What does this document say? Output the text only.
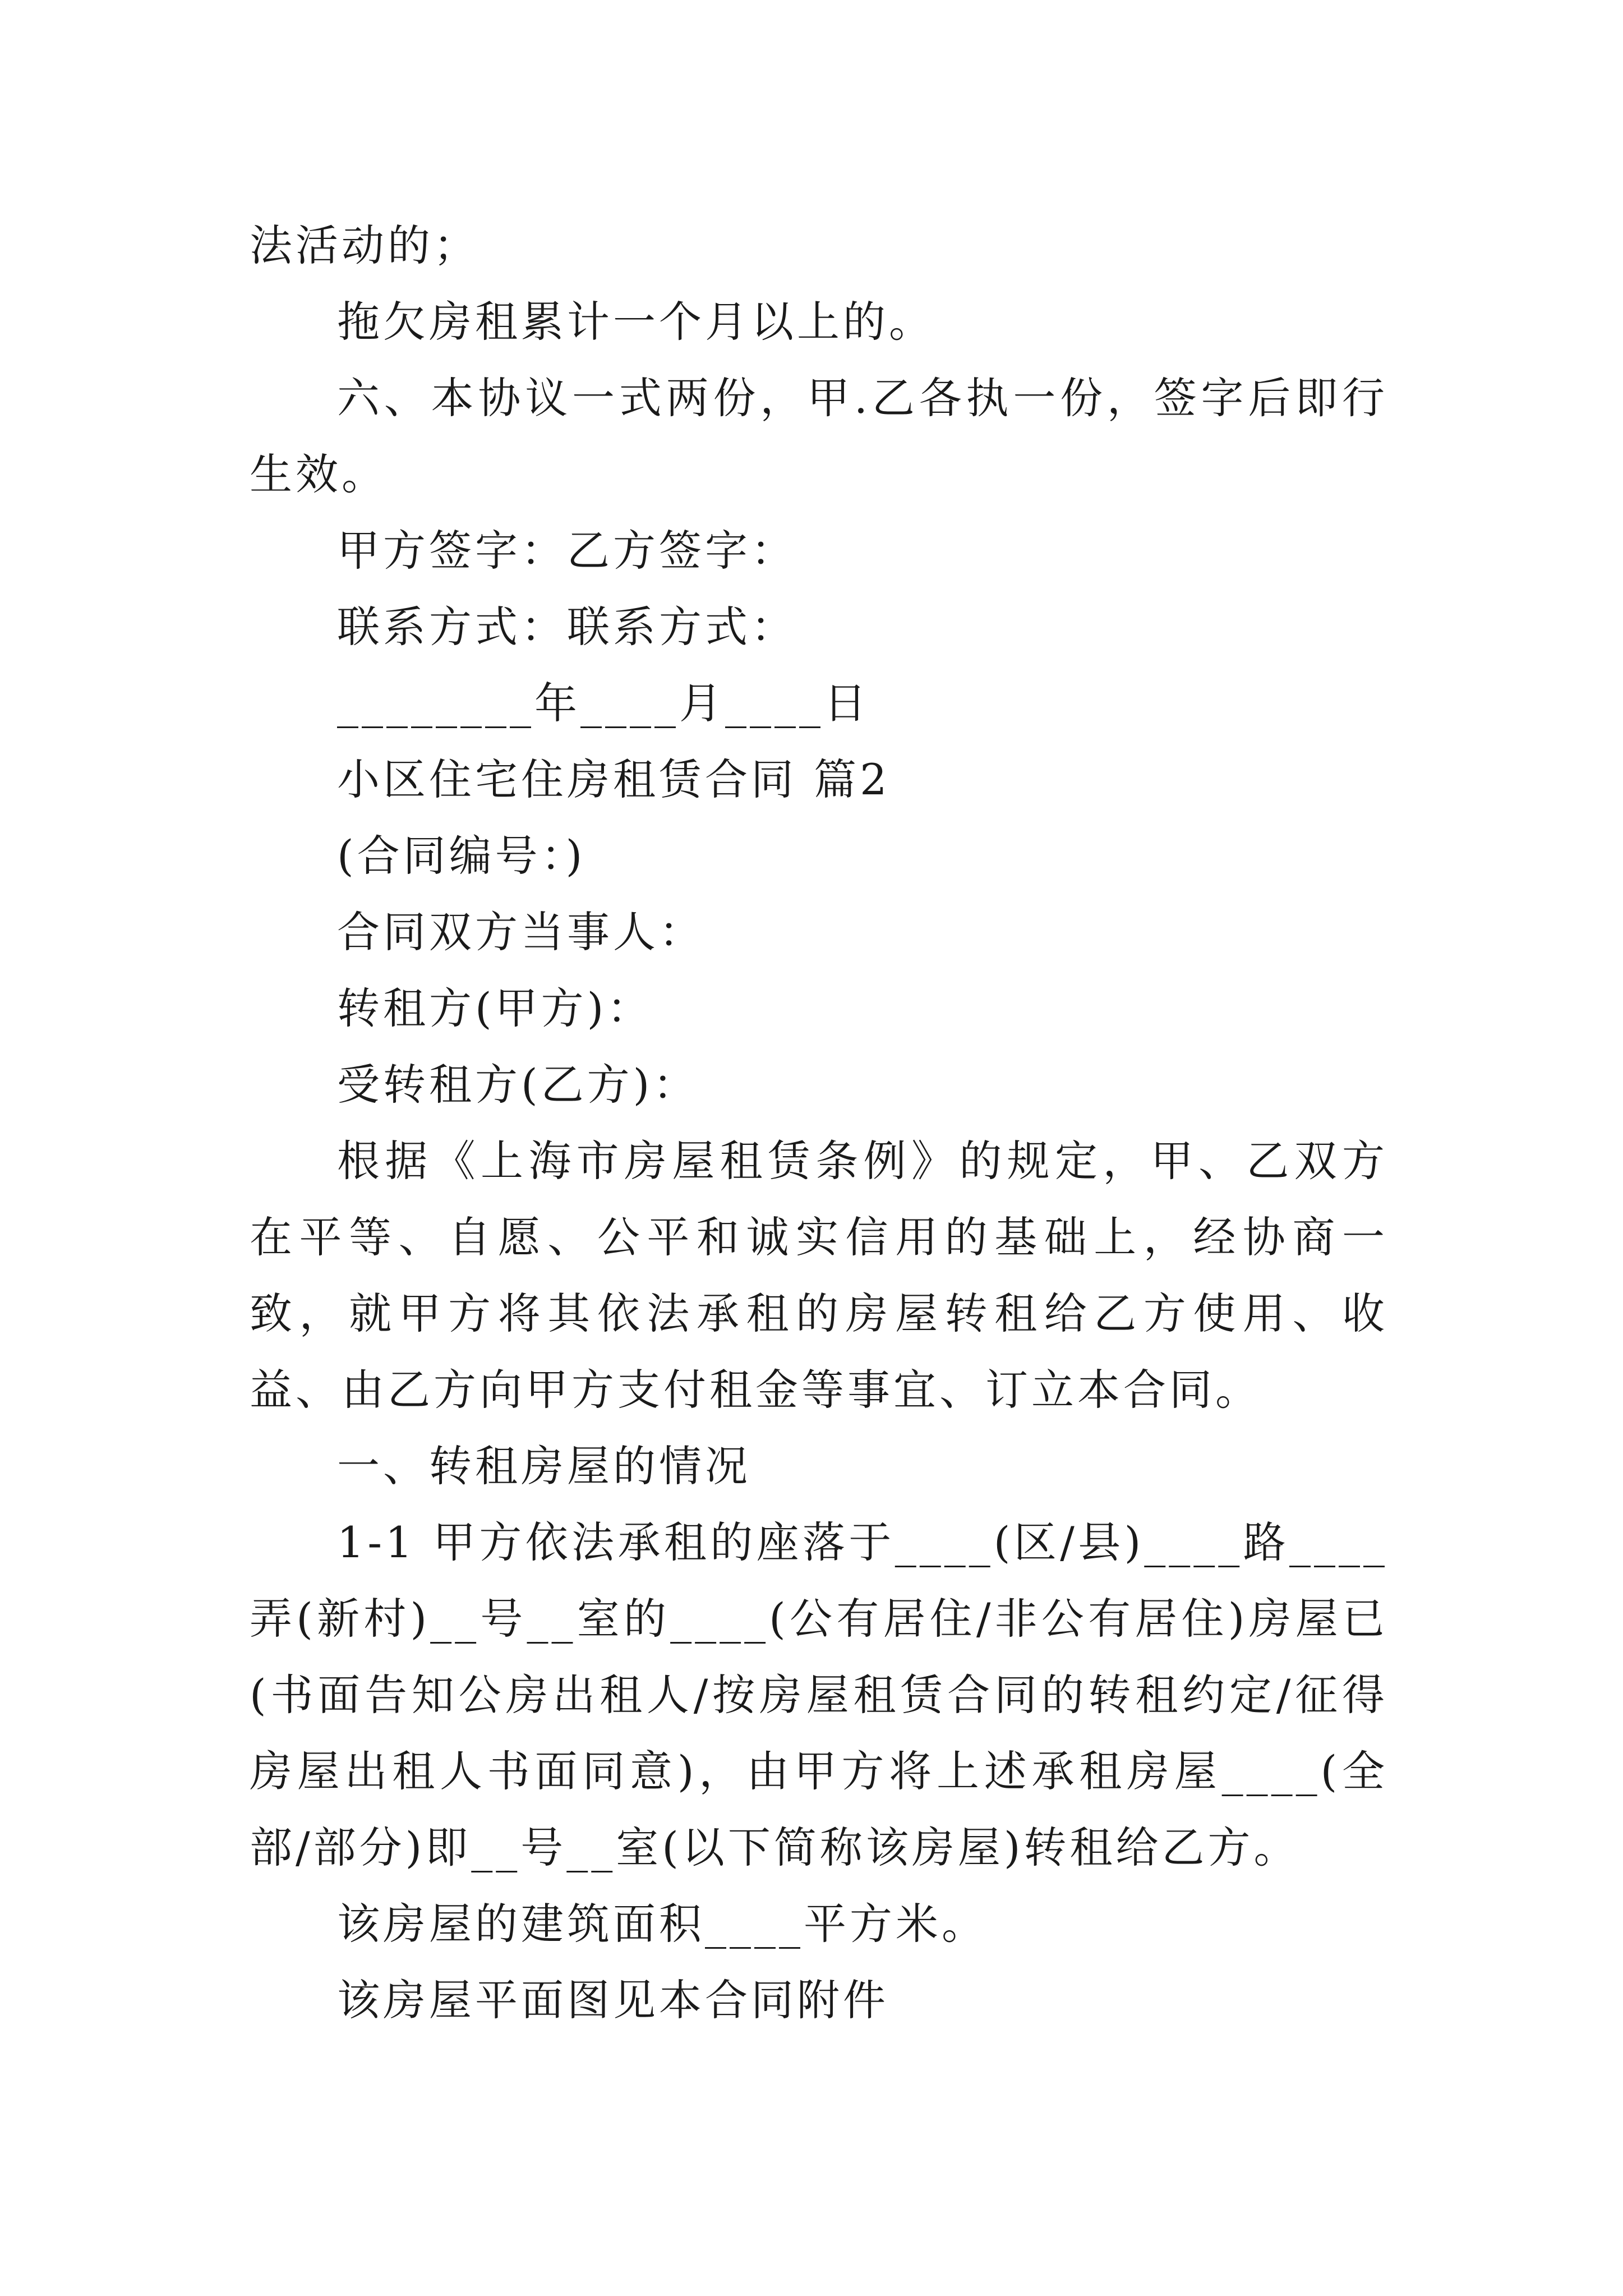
法活动的；

拖欠房租累计一个月以上的。

六、本协议一式两份，甲.乙各执一份，签字后即行生效。

甲方签字：乙方签字：

联系方式：联系方式：

________年____月____日

小区住宅住房租赁合同 篇2

(合同编号：)

合同双方当事人：

转租方(甲方)：

受转租方(乙方)：

根据《上海市房屋租赁条例》的规定，甲、乙双方在平等、自愿、公平和诚实信用的基础上，经协商一致，就甲方将其依法承租的房屋转租给乙方使用、收益、由乙方向甲方支付租金等事宜、订立本合同。

一、转租房屋的情况

1-1 甲方依法承租的座落于____(区/县)____路____弄(新村)__号__室的____(公有居住/非公有居住)房屋已(书面告知公房出租人/按房屋租赁合同的转租约定/征得房屋出租人书面同意)，由甲方将上述承租房屋____(全部/部分)即__号__室(以下简称该房屋)转租给乙方。

该房屋的建筑面积____平方米。

该房屋平面图见本合同附件
